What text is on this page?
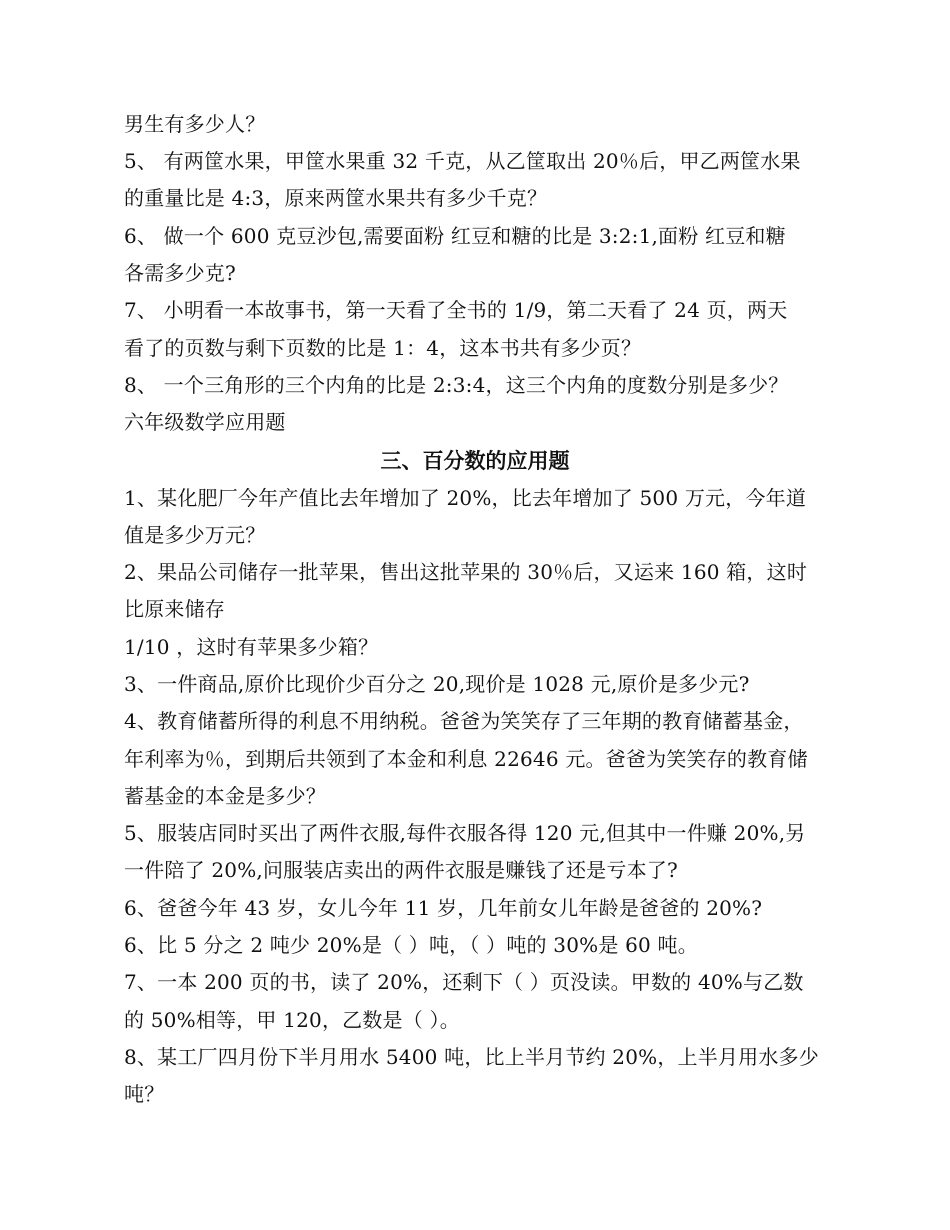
男生有多少人？
5、 有两筐水果，甲筐水果重 32 千克，从乙筐取出 20％后，甲乙两筐水果
的重量比是 4:3，原来两筐水果共有多少千克？
6、 做一个 600 克豆沙包,需要面粉 红豆和糖的比是 3:2:1,面粉 红豆和糖
各需多少克?
7、 小明看一本故事书，第一天看了全书的 1/9，第二天看了 24 页，两天
看了的页数与剩下页数的比是 1：4，这本书共有多少页？
8、 一个三角形的三个内角的比是 2:3:4，这三个内角的度数分别是多少？
六年级数学应用题
三、百分数的应用题
1、某化肥厂今年产值比去年增加了 20%，比去年增加了 500 万元，今年道
值是多少万元？
2、果品公司储存一批苹果，售出这批苹果的 30％后，又运来 160 箱，这时
比原来储存
1/10 ，这时有苹果多少箱？
3、一件商品,原价比现价少百分之 20,现价是 1028 元,原价是多少元?
4、教育储蓄所得的利息不用纳税。爸爸为笑笑存了三年期的教育储蓄基金，
年利率为％，到期后共领到了本金和利息 22646 元。爸爸为笑笑存的教育储
蓄基金的本金是多少？
5、服装店同时买出了两件衣服,每件衣服各得 120 元,但其中一件赚 20%,另
一件陪了 20%,问服装店卖出的两件衣服是赚钱了还是亏本了?
6、爸爸今年 43 岁，女儿今年 11 岁，几年前女儿年龄是爸爸的 20%?
6、比 5 分之 2 吨少 20%是（ ）吨，（ ）吨的 30%是 60 吨。
7、一本 200 页的书，读了 20%，还剩下（ ）页没读。甲数的 40%与乙数
的 50%相等，甲 120，乙数是（ ）。
8、某工厂四月份下半月用水 5400 吨，比上半月节约 20%，上半月用水多少
吨？
